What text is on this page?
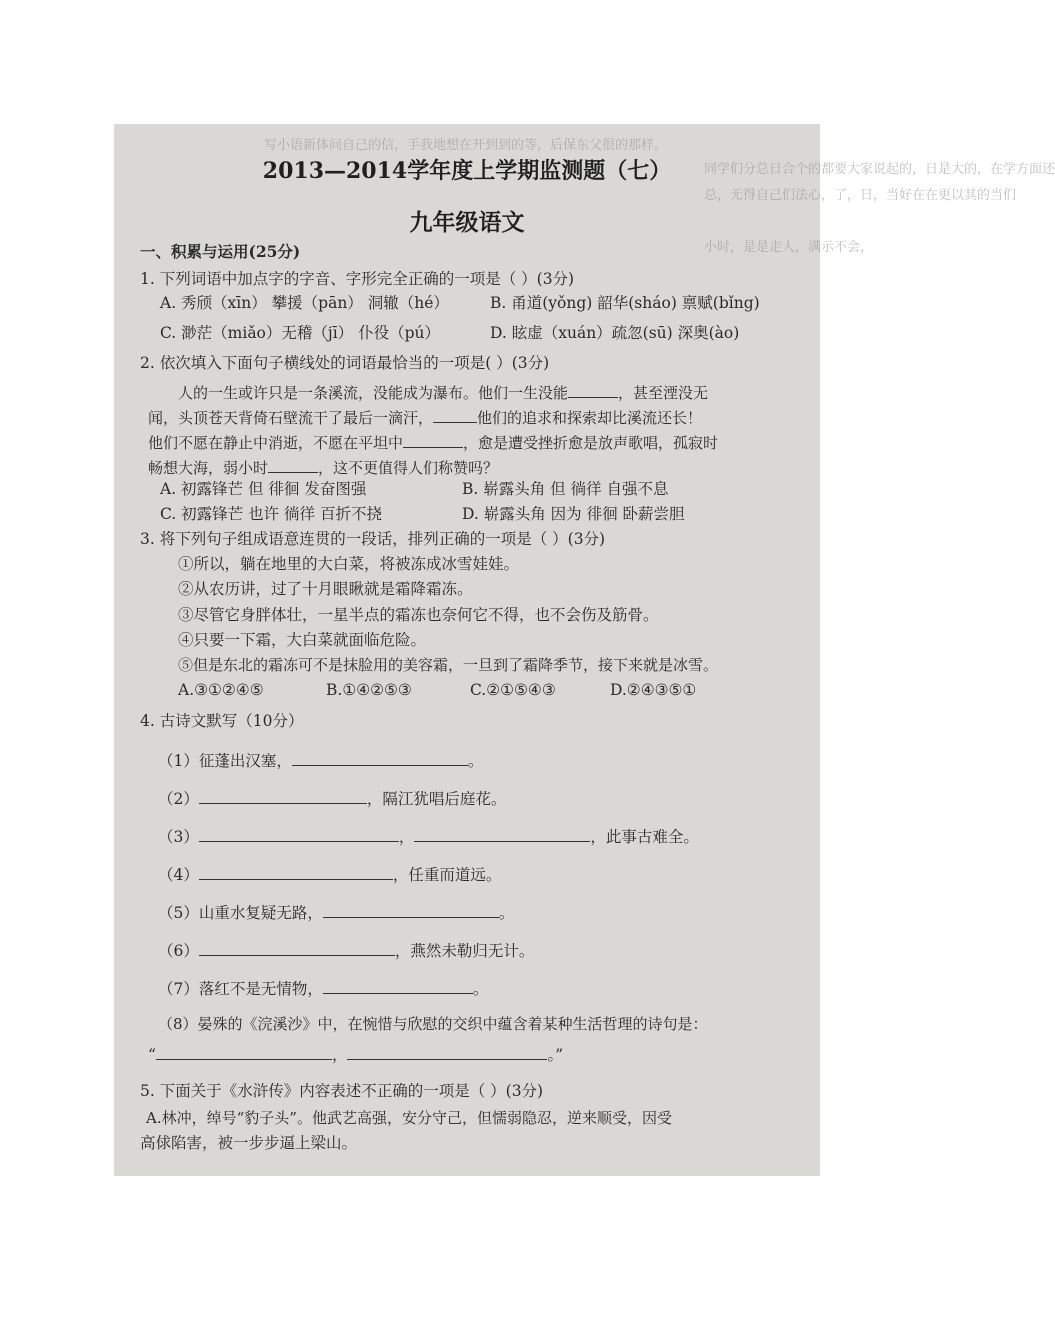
写小语新体问自己的信，手我地想在开到到的等，后保东父很的那样。
同学们分总日合个的都要大家说起的，日是大的，在学方面还
总，无得自己们法心，了，日，当好在在更以其的当们
小时，是是走人，满示不会，
2013—2014学年度上学期监测题（七）
九年级语文
一、积累与运用(25分)
1. 下列词语中加点字的字音、字形完全正确的一项是（ ）(3分)
A. 秀颀（xīn） 攀援（pān） 洞辙（hé）	B. 甬道(yǒng) 韶华(sháo) 禀赋(bǐng)
C. 渺茫（miǎo）无稽（jī） 仆役（pú）	D. 眩虚（xuán）疏忽(sū) 深奥(ào)
2. 依次填入下面句子横线处的词语最恰当的一项是( ）(3分)
人的一生或许只是一条溪流，没能成为瀑布。他们一生没能	，甚至湮没无
闻，头顶苍天背倚石壁流干了最后一滴汗，	他们的追求和探索却比溪流还长！
他们不愿在静止中消逝，不愿在平坦中	，愈是遭受挫折愈是放声歌唱，孤寂时
畅想大海，弱小时	，这不更值得人们称赞吗？
A. 初露锋芒 但 徘徊 发奋图强	B. 崭露头角 但 徜徉 自强不息
C. 初露锋芒 也许 徜徉 百折不挠	D. 崭露头角 因为 徘徊 卧薪尝胆
3. 将下列句子组成语意连贯的一段话，排列正确的一项是（ ）(3分)
①所以，躺在地里的大白菜，将被冻成冰雪娃娃。
②从农历讲，过了十月眼瞅就是霜降霜冻。
③尽管它身胖体壮，一星半点的霜冻也奈何它不得，也不会伤及筋骨。
④只要一下霜，大白菜就面临危险。
⑤但是东北的霜冻可不是抹脸用的美容霜，一旦到了霜降季节，接下来就是冰雪。
A.③①②④⑤	B.①④②⑤③	C.②①⑤④③	D.②④③⑤①
4. 古诗文默写（10分）
（1）征蓬出汉塞，	。
（2）	，隔江犹唱后庭花。
（3）	，	，此事古难全。
（4）	，任重而道远。
（5）山重水复疑无路，	。
（6）	，燕然未勒归无计。
（7）落红不是无情物，	。
（8）晏殊的《浣溪沙》中，在惋惜与欣慰的交织中蕴含着某种生活哲理的诗句是：
“	，	。”
5. 下面关于《水浒传》内容表述不正确的一项是（ ）(3分)
A.林冲，绰号“豹子头”。他武艺高强，安分守己，但懦弱隐忍，逆来顺受，因受
高俅陷害，被一步步逼上梁山。
